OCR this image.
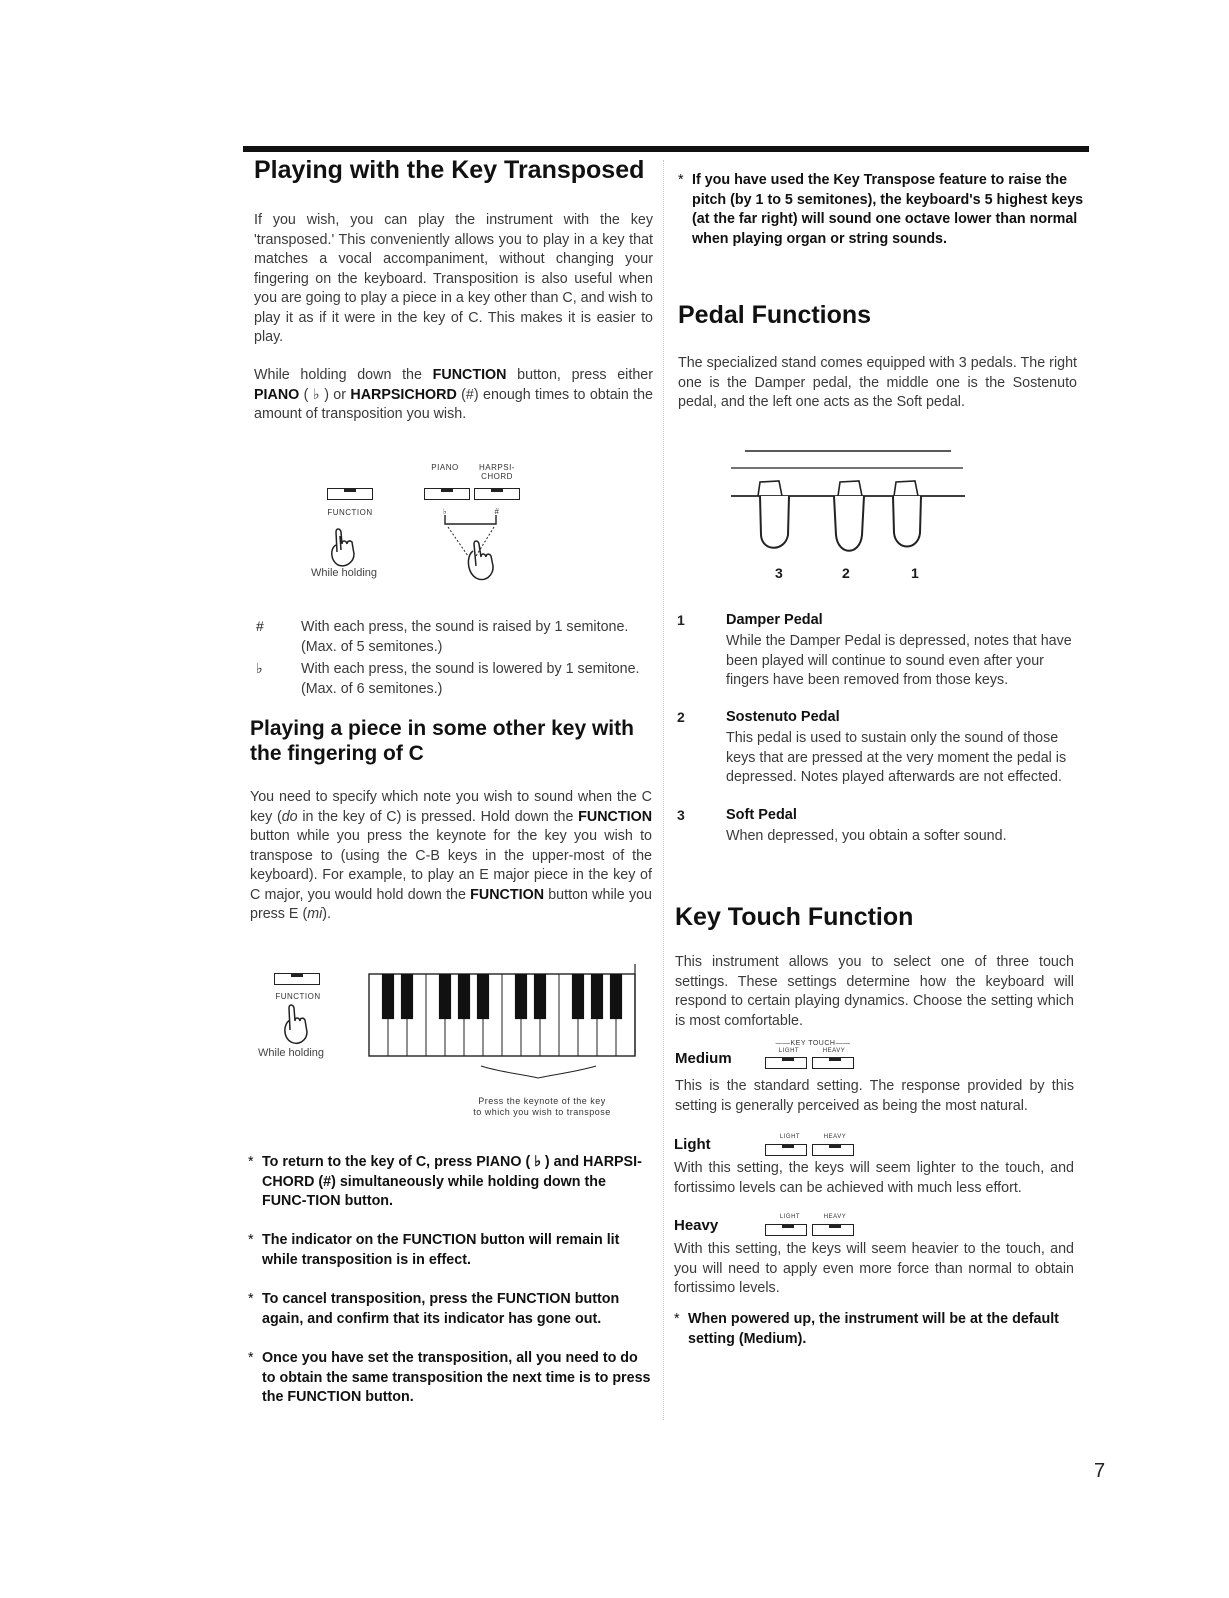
Playing with the Key Transposed

If you wish, you can play the instrument with the key 'transposed.' This conveniently allows you to play in a key that matches a vocal accompaniment, without changing your fingering on the keyboard. Transposition is also useful when you are going to play a piece in a key other than C, and wish to play it as if it were in the key of C. This makes it is easier to play.

While holding down the FUNCTION button, press either PIANO ( ♭ ) or HARPSICHORD (#) enough times to obtain the amount of transposition you wish.

PIANO	HARPSI-
CHORD
FUNCTION	♭	#
While holding
#	With each press, the sound is raised by 1 semitone. (Max. of 5 semitones.)

♭	With each press, the sound is lowered by 1 semitone. (Max. of 6 semitones.)

Playing a piece in some other key with the fingering of C

You need to specify which note you wish to sound when the C key (do in the key of C) is pressed. Hold down the FUNCTION button while you press the keynote for the key you wish to transpose to (using the C-B keys in the upper-most of the keyboard). For example, to play an E major piece in the key of C major, you would hold down the FUNCTION button while you press E (mi).

FUNCTION
While holding
Press the keynote of the key
to which you wish to transpose

* To return to the key of C, press PIANO ( ♭ ) and HARPSI-CHORD (#) simultaneously while holding down the FUNC-TION button.

* The indicator on the FUNCTION button will remain lit while transposition is in effect.

* To cancel transposition, press the FUNCTION button again, and confirm that its indicator has gone out.

* Once you have set the transposition, all you need to do to obtain the same transposition the next time is to press the FUNCTION button.

* If you have used the Key Transpose feature to raise the pitch (by 1 to 5 semitones), the keyboard's 5 highest keys (at the far right) will sound one octave lower than normal when playing organ or string sounds.

Pedal Functions

The specialized stand comes equipped with 3 pedals. The right one is the Damper pedal, the middle one is the Sostenuto pedal, and the left one acts as the Soft pedal.

3	2	1
1	Damper Pedal

While the Damper Pedal is depressed, notes that have been played will continue to sound even after your fingers have been removed from those keys.

2	Sostenuto Pedal

This pedal is used to sustain only the sound of those keys that are pressed at the very moment the pedal is depressed. Notes played afterwards are not effected.

3	Soft Pedal

When depressed, you obtain a softer sound.

Key Touch Function

This instrument allows you to select one of three touch settings. These settings determine how the keyboard will respond to certain playing dynamics. Choose the setting which is most comfortable.

——KEY TOUCH——
LIGHT	HEAVY
Medium

This is the standard setting. The response provided by this setting is generally perceived as being the most natural.

LIGHT	HEAVY
Light

With this setting, the keys will seem lighter to the touch, and fortissimo levels can be achieved with much less effort.

LIGHT	HEAVY
Heavy

With this setting, the keys will seem heavier to the touch, and you will need to apply even more force than normal to obtain fortissimo levels.

* When powered up, the instrument will be at the default setting (Medium).

7
